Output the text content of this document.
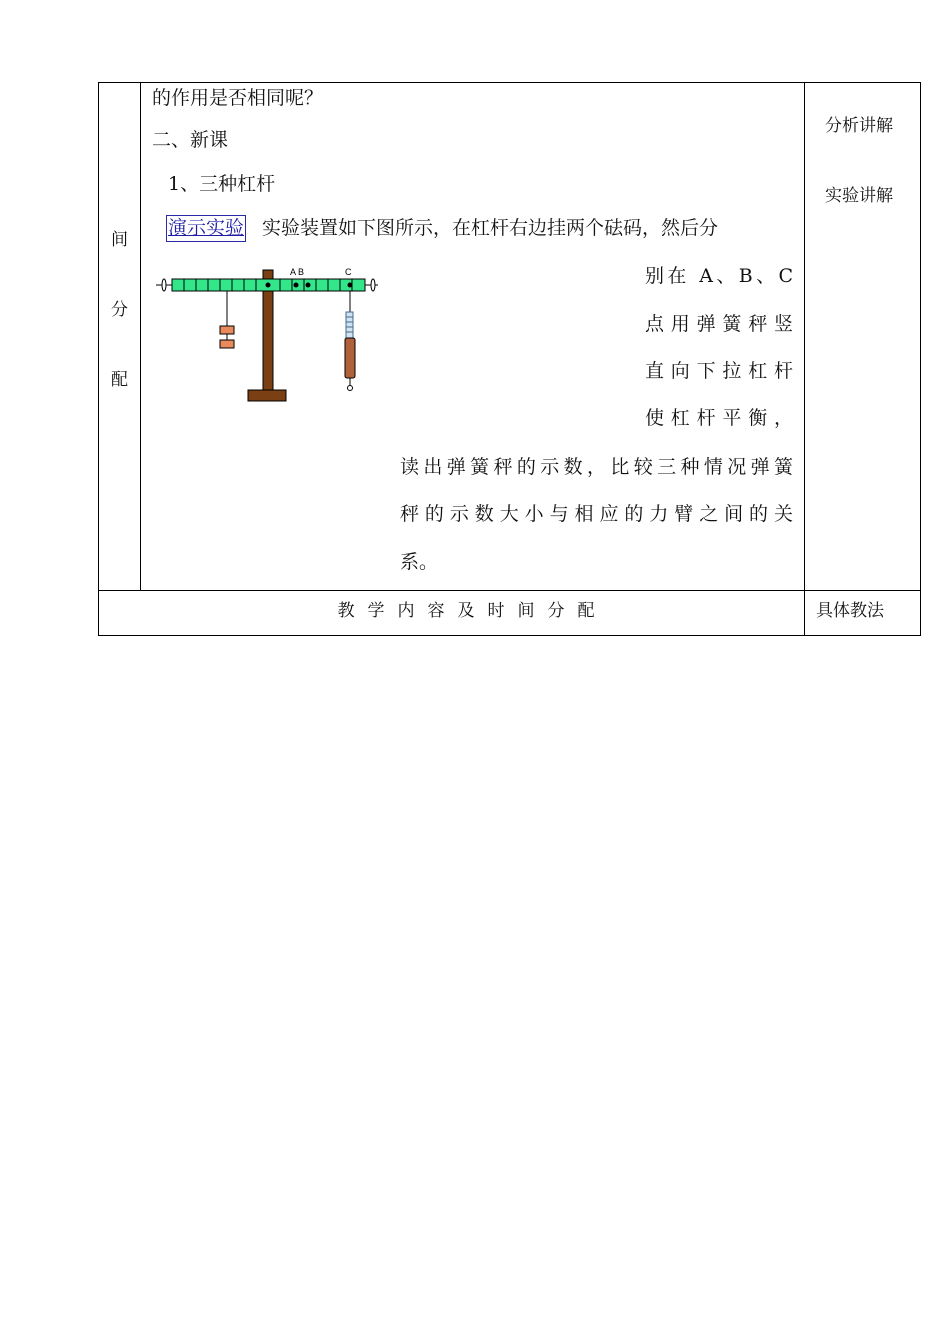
间
分
配
的作用是否相同呢？
二、新课
1、三种杠杆
演示实验 实验装置如下图所示，在杠杆右边挂两个砝码，然后分
别在 A、B、C
点用弹簧秤竖
直向下拉杠杆
使杠杆平衡，
读出弹簧秤的示数，比较三种情况弹簧
秤的示数大小与相应的力臂之间的关
系。
A B	C
分析讲解
实验讲解
教学内容及时间分配	具体教法
